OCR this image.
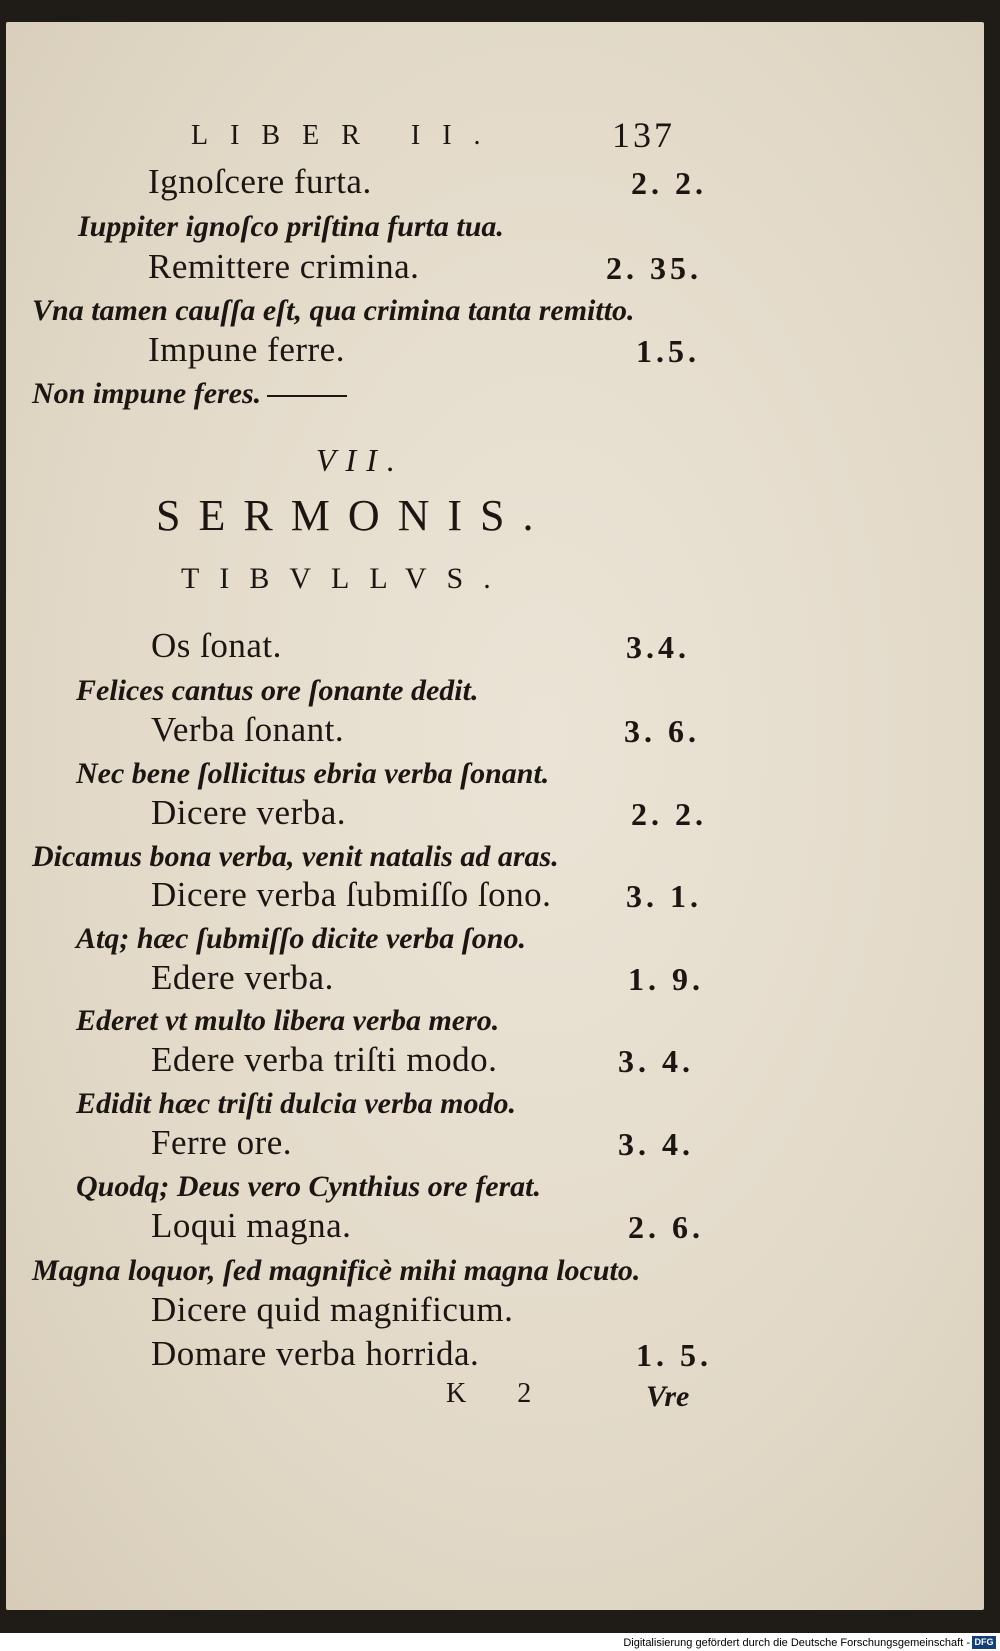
LIBER II.	137
Ignoſcere furta.	2. 2.
Iuppiter ignoſco priſtina furta tua.
Remittere crimina.	2. 35.
Vna tamen cauſſa eſt, qua crimina tanta remitto.
Impune ferre.	1.5.
Non impune feres.
VII.
SERMONIS.
TIBVLLVS.
Os ſonat.	3.4.
Felices cantus ore ſonante dedit.
Verba ſonant.	3. 6.
Nec bene ſollicitus ebria verba ſonant.
Dicere verba.	2. 2.
Dicamus bona verba, venit natalis ad aras.
Dicere verba ſubmiſſo ſono. 3. 1.
Atq; hæc ſubmiſſo dicite verba ſono.
Edere verba.	1. 9.
Ederet vt multo libera verba mero.
Edere verba triſti modo.	3. 4.
Edidit hæc triſti dulcia verba modo.
Ferre ore.	3. 4.
Quodq; Deus vero Cynthius ore ferat.
Loqui magna.	2. 6.
Magna loquor, ſed magnificè mihi magna locuto.
Dicere quid magnificum.
Domare verba horrida.	1. 5.
K 2	Vre
Digitalisierung gefördert durch die Deutsche Forschungsgemeinschaft - DFG
